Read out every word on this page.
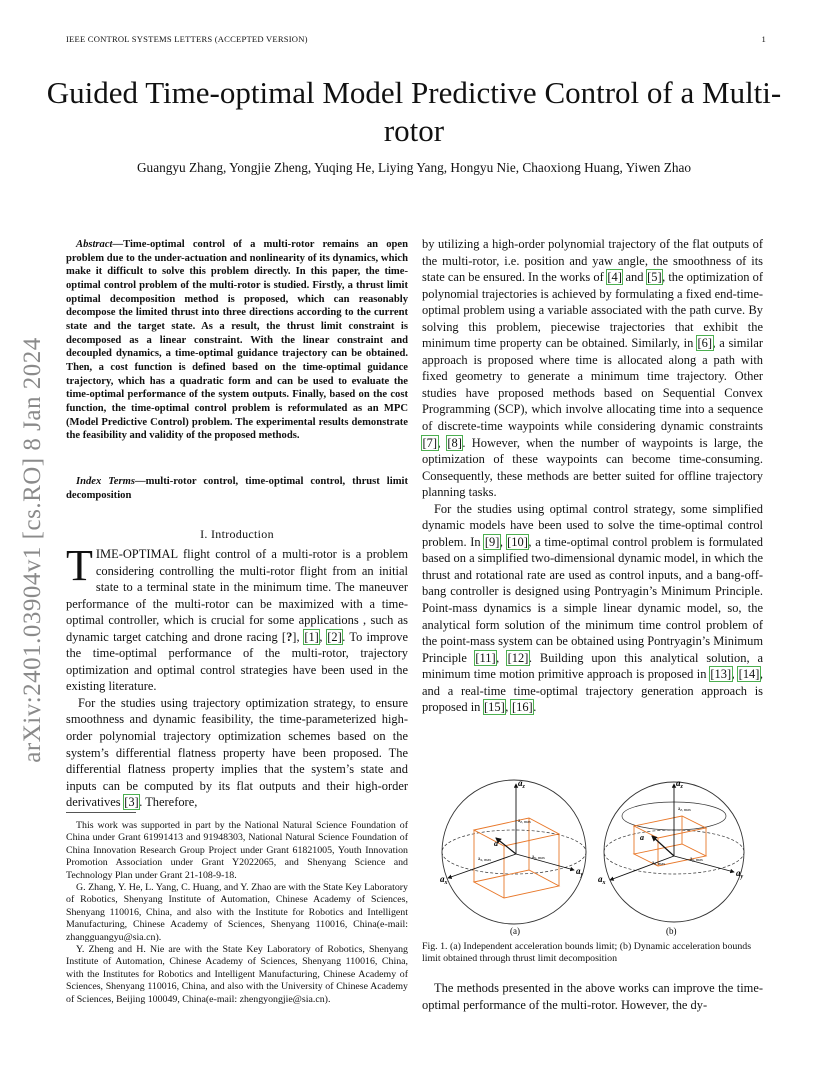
IEEE CONTROL SYSTEMS LETTERS (ACCEPTED VERSION)	1
Guided Time-optimal Model Predictive Control of a Multi-rotor
Guangyu Zhang, Yongjie Zheng, Yuqing He, Liying Yang, Hongyu Nie, Chaoxiong Huang, Yiwen Zhao
arXiv:2401.03904v1 [cs.RO] 8 Jan 2024
Abstract—Time-optimal control of a multi-rotor remains an open problem due to the under-actuation and nonlinearity of its dynamics, which make it difficult to solve this problem directly. In this paper, the time-optimal control problem of the multi-rotor is studied. Firstly, a thrust limit optimal decomposition method is proposed, which can reasonably decompose the limited thrust into three directions according to the current state and the target state. As a result, the thrust limit constraint is decomposed as a linear constraint. With the linear constraint and decoupled dynamics, a time-optimal guidance trajectory can be obtained. Then, a cost function is defined based on the time-optimal guidance trajectory, which has a quadratic form and can be used to evaluate the time-optimal performance of the system outputs. Finally, based on the cost function, the time-optimal control problem is reformulated as an MPC (Model Predictive Control) problem. The experimental results demonstrate the feasibility and validity of the proposed methods.
Index Terms—multi-rotor control, time-optimal control, thrust limit decomposition
I. Introduction

TIME-OPTIMAL flight control of a multi-rotor is a problem considering controlling the multi-rotor flight from an initial state to a terminal state in the minimum time. The maneuver performance of the multi-rotor can be maximized with a time-optimal controller, which is crucial for some applications , such as dynamic target catching and drone racing [?], [1], [2]. To improve the time-optimal performance of the multi-rotor, trajectory optimization and optimal control strategies have been used in the existing literature.

For the studies using trajectory optimization strategy, to ensure smoothness and dynamic feasibility, the time-parameterized high-order polynomial trajectory optimization schemes based on the system’s differential flatness property have been proposed. The differential flatness property implies that the system’s state and inputs can be computed by its flat outputs and their high-order derivatives [3]. Therefore,

This work was supported in part by the National Natural Science Foundation of China under Grant 61991413 and 91948303, National Natural Science Foundation of China Innovation Research Group Project under Grant 61821005, Youth Innovation Promotion Association under Grant Y2022065, and Shenyang Science and Technology Plan under Grant 21-108-9-18.

G. Zhang, Y. He, L. Yang, C. Huang, and Y. Zhao are with the State Key Laboratory of Robotics, Shenyang Institute of Automation, Chinese Academy of Sciences, Shenyang 110016, China, and also with the Institute for Robotics and Intelligent Manufacturing, Chinese Academy of Sciences, Shenyang 110016, China(e-mail: zhangguangyu@sia.cn).

Y. Zheng and H. Nie are with the State Key Laboratory of Robotics, Shenyang Institute of Automation, Chinese Academy of Sciences, Shenyang 110016, China, with the Institutes for Robotics and Intelligent Manufacturing, Chinese Academy of Sciences, Shenyang 110016, China, and also with the University of Chinese Academy of Sciences, Beijing 100049, China(e-mail: zhengyongjie@sia.cn).

by utilizing a high-order polynomial trajectory of the flat outputs of the multi-rotor, i.e. position and yaw angle, the smoothness of its state can be ensured. In the works of [4] and [5], the optimization of polynomial trajectories is achieved by formulating a fixed end-time-optimal problem using a variable associated with the path curve. By solving this problem, piecewise trajectories that exhibit the minimum time property can be obtained. Similarly, in [6], a similar approach is proposed where time is allocated along a path with fixed geometry to generate a minimum time trajectory. Other studies have proposed methods based on Sequential Convex Programming (SCP), which involve allocating time into a sequence of discrete-time waypoints while considering dynamic constraints [7], [8]. However, when the number of waypoints is large, the optimization of these waypoints can become time-consuming. Consequently, these methods are better suited for offline trajectory planning tasks.

For the studies using optimal control strategy, some simplified dynamic models have been used to solve the time-optimal control problem. In [9], [10], a time-optimal control problem is formulated based on a simplified two-dimensional dynamic model, in which the thrust and rotational rate are used as control inputs, and a bang-off-bang controller is designed using Pontryagin’s Minimum Principle. Point-mass dynamics is a simple linear dynamic model, so, the analytical form solution of the minimum time control problem of the point-mass system can be obtained using Pontryagin’s Minimum Principle [11], [12]. Building upon this analytical solution, a minimum time motion primitive approach is proposed in [13], [14], and a real-time time-optimal trajectory generation approach is proposed in [15], [16].

$a_z$
$a_x$
$a_y$
a
$a_{z, max}$
$a_{x, max}$	$a_{y, max}$
(a)
$a_z$
$a_x$
$a_y$
a
$a_{z, max}$
$a_{x, max}$
$a_{y, max}$
(b)
Fig. 1. (a) Independent acceleration bounds limit; (b) Dynamic acceleration bounds limit obtained through thrust limit decomposition

The methods presented in the above works can improve the time-optimal performance of the multi-rotor. However, the dy-
